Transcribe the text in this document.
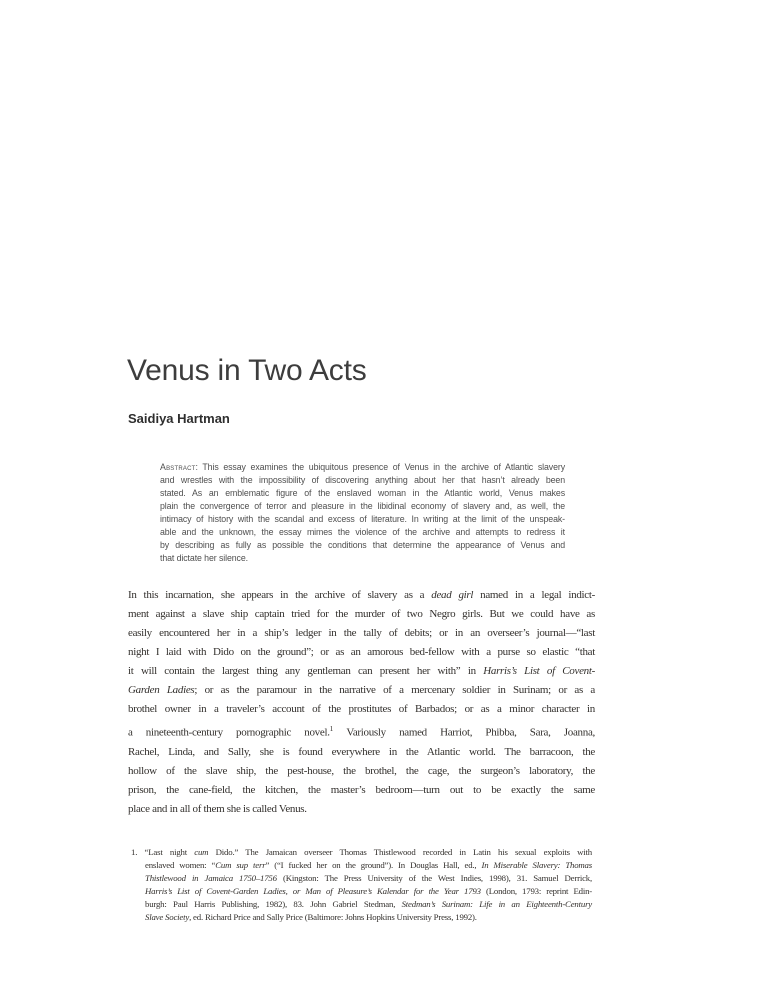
Venus in Two Acts
Saidiya Hartman
Abstract: This essay examines the ubiquitous presence of Venus in the archive of Atlantic slavery
and wrestles with the impossibility of discovering anything about her that hasn’t already been
stated. As an emblematic figure of the enslaved woman in the Atlantic world, Venus makes
plain the convergence of terror and pleasure in the libidinal economy of slavery and, as well, the
intimacy of history with the scandal and excess of literature. In writing at the limit of the unspeak-
able and the unknown, the essay mimes the violence of the archive and attempts to redress it
by describing as fully as possible the conditions that determine the appearance of Venus and
that dictate her silence.
In this incarnation, she appears in the archive of slavery as a dead girl named in a legal indict-
ment against a slave ship captain tried for the murder of two Negro girls. But we could have as
easily encountered her in a ship’s ledger in the tally of debits; or in an overseer’s journal—“last
night I laid with Dido on the ground”; or as an amorous bed-fellow with a purse so elastic “that
it will contain the largest thing any gentleman can present her with” in Harris’s List of Covent-
Garden Ladies; or as the paramour in the narrative of a mercenary soldier in Surinam; or as a
brothel owner in a traveler’s account of the prostitutes of Barbados; or as a minor character in
a nineteenth-century pornographic novel.$^1$ Variously named Harriot, Phibba, Sara, Joanna,
Rachel, Linda, and Sally, she is found everywhere in the Atlantic world. The barracoon, the
hollow of the slave ship, the pest-house, the brothel, the cage, the surgeon’s laboratory, the
prison, the cane-field, the kitchen, the master’s bedroom—turn out to be exactly the same
place and in all of them she is called Venus.
1. “Last night cum Dido.” The Jamaican overseer Thomas Thistlewood recorded in Latin his sexual exploits with
enslaved women: “Cum sup terr” (“I fucked her on the ground”). In Douglas Hall, ed., In Miserable Slavery: Thomas
Thistlewood in Jamaica 1750–1756 (Kingston: The Press University of the West Indies, 1998), 31. Samuel Derrick,
Harris’s List of Covent-Garden Ladies, or Man of Pleasure’s Kalendar for the Year 1793 (London, 1793: reprint Edin-
burgh: Paul Harris Publishing, 1982), 83. John Gabriel Stedman, Stedman’s Surinam: Life in an Eighteenth-Century
Slave Society, ed. Richard Price and Sally Price (Baltimore: Johns Hopkins University Press, 1992).
